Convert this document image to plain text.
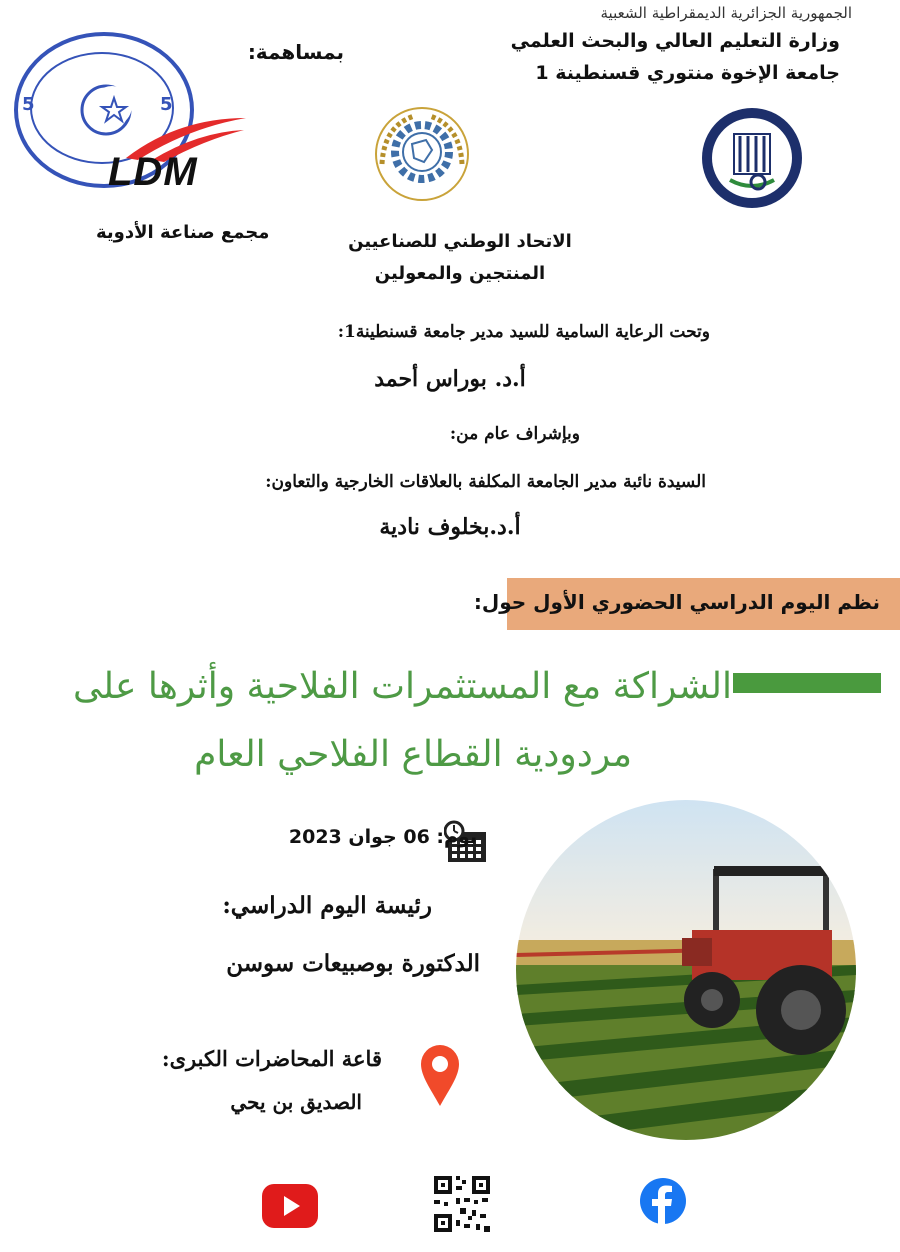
الجمهورية الجزائرية الديمقراطية الشعبية
وزارة التعليم العالي والبحث العلمي
جامعة الإخوة منتوري قسنطينة 1
بمساهمة:
5	5
LDM
مجمع صناعة الأدوية	الاتحاد الوطني للصناعيين
المنتجين والمعولين
وتحت الرعاية السامية للسيد مدير جامعة قسنطينة1:
أ.د. بوراس أحمد
وبإشراف عام من:
السيدة نائبة مدير الجامعة المكلفة بالعلاقات الخارجية والتعاون:
أ.د.بخلوف نادية
نظم اليوم الدراسي الحضوري الأول حول:
الشراكة مع المستثمرات الفلاحية وأثرها على
مردودية القطاع الفلاحي العام
يوم: 06 جوان 2023
رئيسة اليوم الدراسي:
الدكتورة بوصبيعات سوسن
قاعة المحاضرات الكبرى:
الصديق بن يحي
